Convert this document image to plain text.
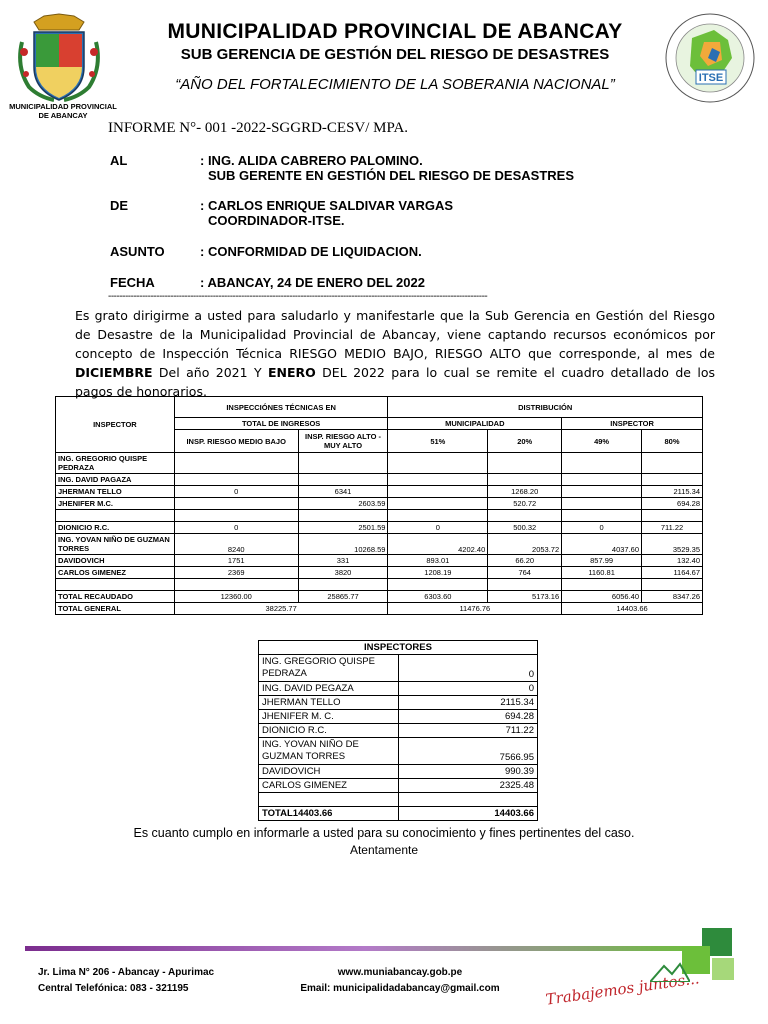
MUNICIPALIDAD PROVINCIAL DE ABANCAY
MUNICIPALIDAD PROVINCIAL DE ABANCAY
SUB GERENCIA DE GESTIÓN DEL RIESGO DE DESASTRES
“AÑO DEL FORTALECIMIENTO DE LA SOBERANIA NACIONAL”	ITSE
INFORME N°- 001 -2022-SGGRD-CESV/ MPA.
AL	: ING. ALIDA CABRERO PALOMINO.
SUB GERENTE EN GESTIÓN DEL RIESGO DE DESASTRES
DE	: CARLOS ENRIQUE SALDIVAR VARGAS
COORDINADOR-ITSE.
ASUNTO	: CONFORMIDAD DE LIQUIDACION.
FECHA	: ABANCAY, 24 DE ENERO DEL 2022
--------------------------------------------------------------------------------------------------------------------------------------
Es grato dirigirme a usted para saludarlo y manifestarle que la Sub Gerencia en Gestión del Riesgo de Desastre de la Municipalidad Provincial de Abancay, viene captando recursos económicos por concepto de Inspección Técnica RIESGO MEDIO BAJO, RIESGO ALTO que corresponde, al mes de DICIEMBRE Del año 2021 Y ENERO DEL 2022 para lo cual se remite el cuadro detallado de los pagos de honorarios.
INSPECTOR	INSPECCIÓNES TÉCNICAS EN		DISTRIBUCIÓN			
	TOTAL DE INGRESOS		MUNICIPALIDAD		INSPECTOR	
	INSP. RIESGO MEDIO BAJO	INSP. RIESGO ALTO - MUY ALTO	51%	20%	49%	80%
ING. GREGORIO QUISPE PEDRAZA						
ING. DAVID PAGAZA						
JHERMAN TELLO	0	6341		1268.20		2115.34
JHENIFER M.C.		2603.59		520.72		694.28

DIONICIO R.C.	0	2501.59	0	500.32	0	711.22
ING. YOVAN NIÑO DE GUZMAN TORRES	8240	10268.59	4202.40	2053.72	4037.60	3529.35
DAVIDOVICH	1751	331	893.01	66.20	857.99	132.40
CARLOS GIMENEZ	2369	3820	1208.19	764	1160.81	1164.67

TOTAL RECAUDADO	12360.00	25865.77	6303.60	5173.16	6056.40	8347.26
TOTAL GENERAL	38225.77		11476.76		14403.66	
INSPECTORES	
ING. GREGORIO QUISPE PEDRAZA	0
ING. DAVID PEGAZA	0
JHERMAN TELLO	2115.34
JHENIFER M. C.	694.28
DIONICIO R.C.	711.22
ING. YOVAN NIÑO DE GUZMAN TORRES	7566.95
DAVIDOVICH	990.39
CARLOS GIMENEZ	2325.48

TOTAL14403.66	14403.66
Es cuanto cumplo en informarle a usted para su conocimiento y fines pertinentes del caso.
Atentamente
Jr. Lima N° 206 - Abancay - Apurimac
Central Telefónica: 083 - 321195
www.muniabancay.gob.pe
Email: municipalidadabancay@gmail.com	Trabajemos juntos...
